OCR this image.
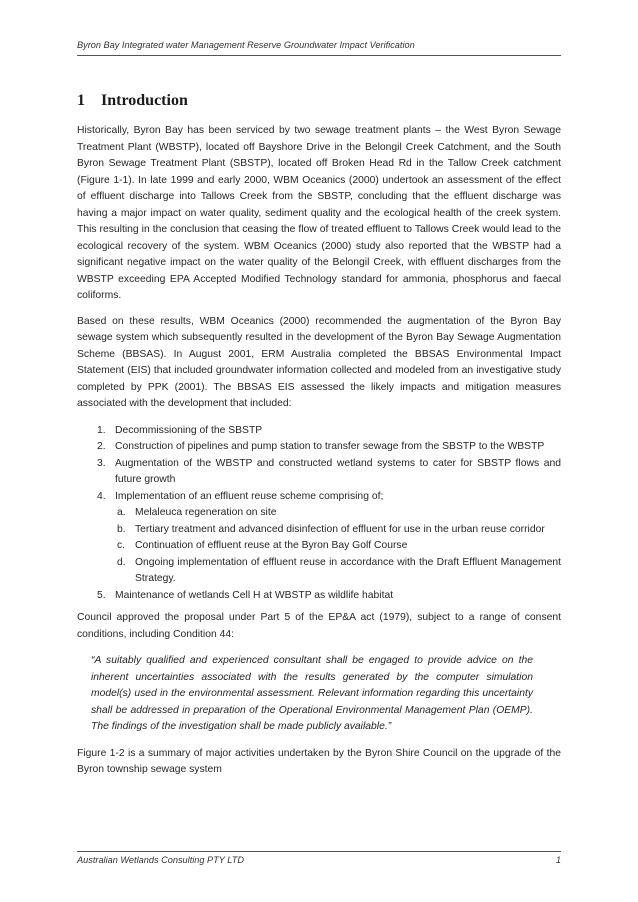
Byron Bay Integrated water Management Reserve Groundwater Impact Verification
1 Introduction

Historically, Byron Bay has been serviced by two sewage treatment plants – the West Byron Sewage Treatment Plant (WBSTP), located off Bayshore Drive in the Belongil Creek Catchment, and the South Byron Sewage Treatment Plant (SBSTP), located off Broken Head Rd in the Tallow Creek catchment (Figure 1-1). In late 1999 and early 2000, WBM Oceanics (2000) undertook an assessment of the effect of effluent discharge into Tallows Creek from the SBSTP, concluding that the effluent discharge was having a major impact on water quality, sediment quality and the ecological health of the creek system. This resulting in the conclusion that ceasing the flow of treated effluent to Tallows Creek would lead to the ecological recovery of the system. WBM Oceanics (2000) study also reported that the WBSTP had a significant negative impact on the water quality of the Belongil Creek, with effluent discharges from the WBSTP exceeding EPA Accepted Modified Technology standard for ammonia, phosphorus and faecal coliforms.

Based on these results, WBM Oceanics (2000) recommended the augmentation of the Byron Bay sewage system which subsequently resulted in the development of the Byron Bay Sewage Augmentation Scheme (BBSAS). In August 2001, ERM Australia completed the BBSAS Environmental Impact Statement (EIS) that included groundwater information collected and modeled from an investigative study completed by PPK (2001). The BBSAS EIS assessed the likely impacts and mitigation measures associated with the development that included:

1. Decommissioning of the SBSTP
2. Construction of pipelines and pump station to transfer sewage from the SBSTP to the WBSTP
3. Augmentation of the WBSTP and constructed wetland systems to cater for SBSTP flows and future growth
4. Implementation of an effluent reuse scheme comprising of;
a. Melaleuca regeneration on site
b. Tertiary treatment and advanced disinfection of effluent for use in the urban reuse corridor
c. Continuation of effluent reuse at the Byron Bay Golf Course
d. Ongoing implementation of effluent reuse in accordance with the Draft Effluent Management Strategy.
5. Maintenance of wetlands Cell H at WBSTP as wildlife habitat

Council approved the proposal under Part 5 of the EP&A act (1979), subject to a range of consent conditions, including Condition 44:

“A suitably qualified and experienced consultant shall be engaged to provide advice on the inherent uncertainties associated with the results generated by the computer simulation model(s) used in the environmental assessment. Relevant information regarding this uncertainty shall be addressed in preparation of the Operational Environmental Management Plan (OEMP). The findings of the investigation shall be made publicly available.”

Figure 1-2 is a summary of major activities undertaken by the Byron Shire Council on the upgrade of the Byron township sewage system

Australian Wetlands Consulting PTY LTD	1
